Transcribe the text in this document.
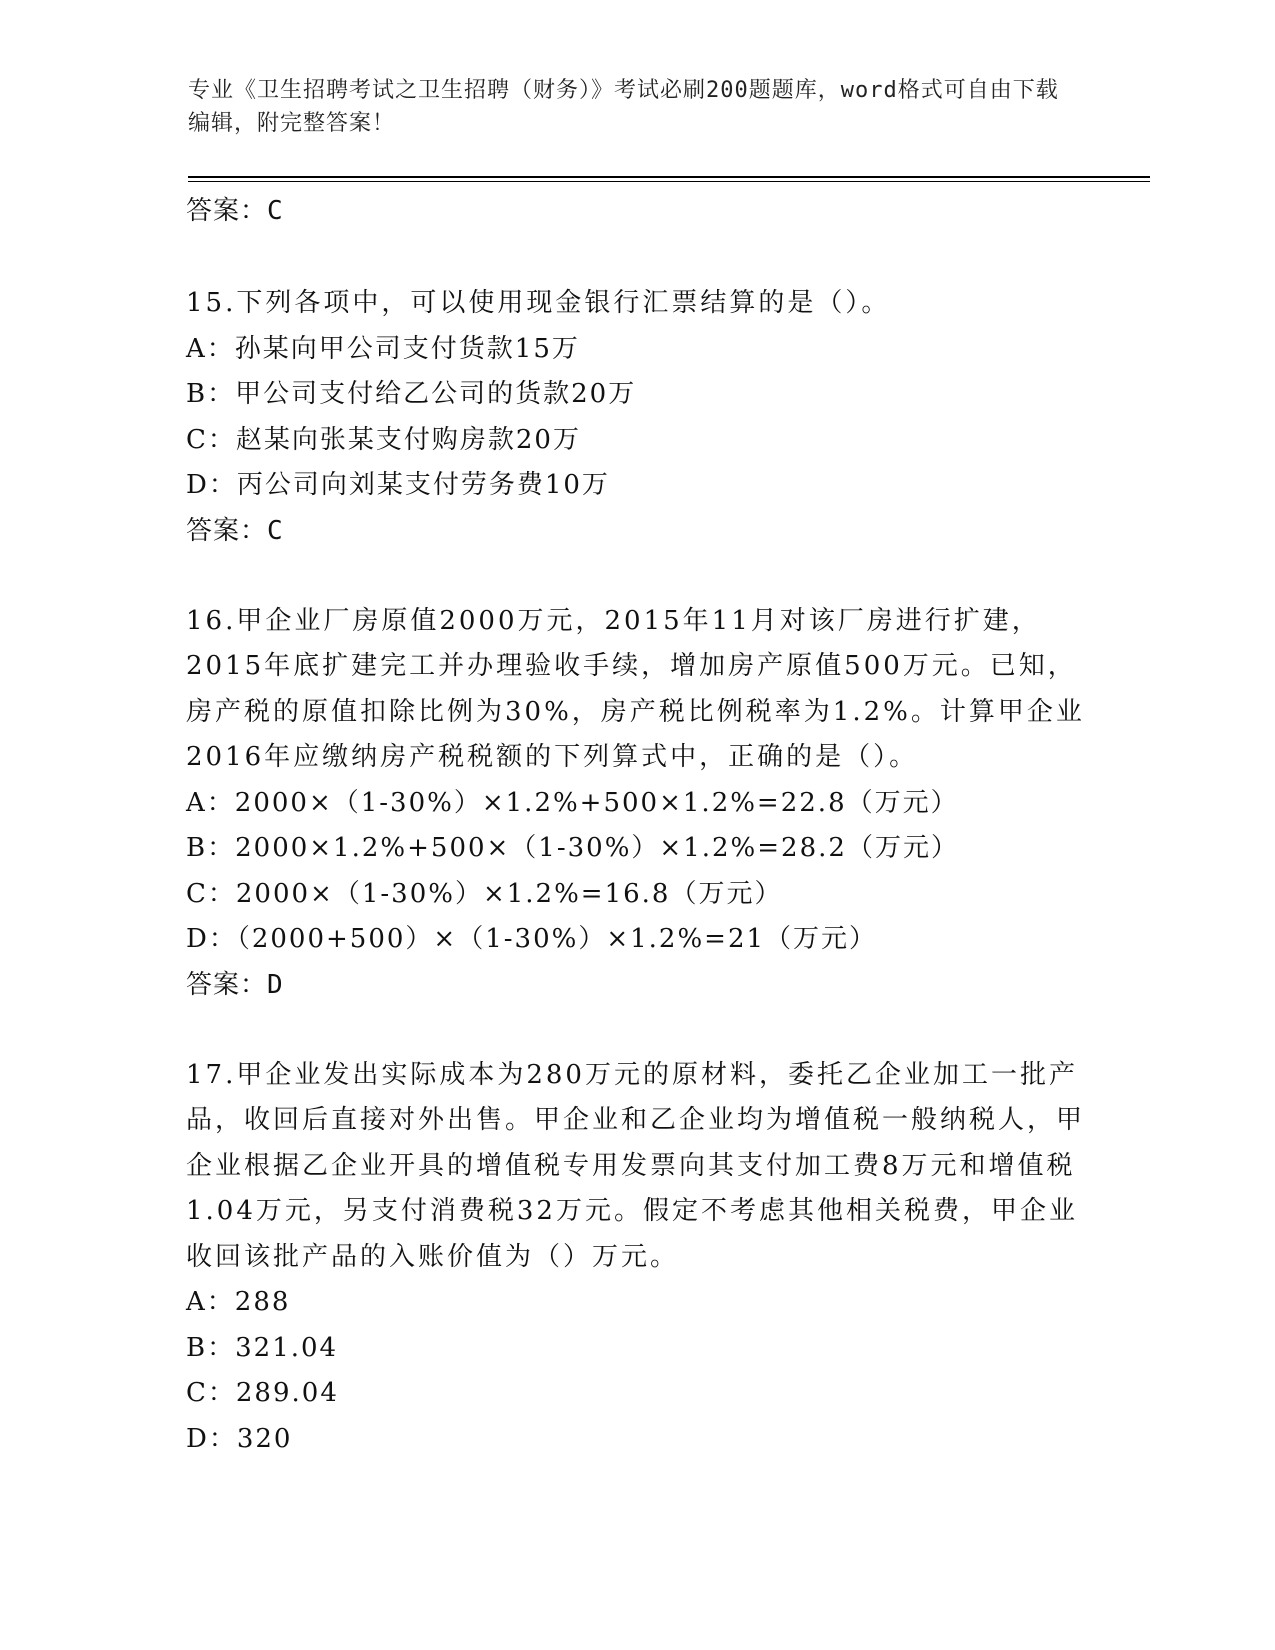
专业《卫生招聘考试之卫生招聘（财务）》考试必刷200题题库，word格式可自由下载编辑，附完整答案！
答案：C

15.下列各项中，可以使用现金银行汇票结算的是（）。

A：孙某向甲公司支付货款15万
B：甲公司支付给乙公司的货款20万
C：赵某向张某支付购房款20万
D：丙公司向刘某支付劳务费10万
答案：C

16.甲企业厂房原值2000万元，2015年11月对该厂房进行扩建，2015年底扩建完工并办理验收手续，增加房产原值500万元。已知，房产税的原值扣除比例为30%，房产税比例税率为1.2%。计算甲企业2016年应缴纳房产税税额的下列算式中，正确的是（）。

A：2000×（1-30%）×1.2%+500×1.2%=22.8（万元）
B：2000×1.2%+500×（1-30%）×1.2%=28.2（万元）
C：2000×（1-30%）×1.2%=16.8（万元）
D：（2000+500）×（1-30%）×1.2%=21（万元）
答案：D

17.甲企业发出实际成本为280万元的原材料，委托乙企业加工一批产品，收回后直接对外出售。甲企业和乙企业均为增值税一般纳税人，甲企业根据乙企业开具的增值税专用发票向其支付加工费8万元和增值税1.04万元，另支付消费税32万元。假定不考虑其他相关税费，甲企业收回该批产品的入账价值为（）万元。

A：288
B：321.04
C：289.04
D：320
